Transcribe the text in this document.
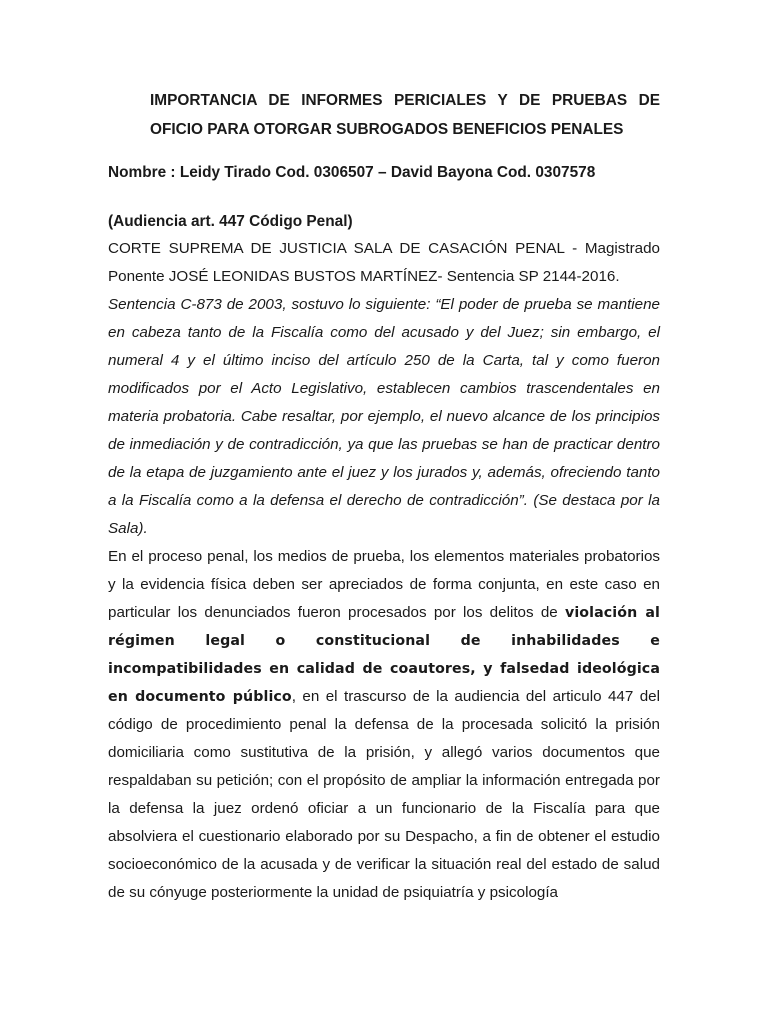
IMPORTANCIA DE INFORMES PERICIALES Y DE PRUEBAS DE
OFICIO PARA OTORGAR SUBROGADOS BENEFICIOS PENALES

Nombre : Leidy Tirado Cod. 0306507 – David Bayona Cod. 0307578

(Audiencia art. 447 Código Penal)

CORTE SUPREMA DE JUSTICIA SALA DE CASACIÓN PENAL - Magistrado Ponente JOSÉ LEONIDAS BUSTOS MARTÍNEZ- Sentencia SP 2144-2016.

Sentencia C-873 de 2003, sostuvo lo siguiente: “El poder de prueba se mantiene en cabeza tanto de la Fiscalía como del acusado y del Juez; sin embargo, el numeral 4 y el último inciso del artículo 250 de la Carta, tal y como fueron modificados por el Acto Legislativo, establecen cambios trascendentales en materia probatoria. Cabe resaltar, por ejemplo, el nuevo alcance de los principios de inmediación y de contradicción, ya que las pruebas se han de practicar dentro de la etapa de juzgamiento ante el juez y los jurados y, además, ofreciendo tanto a la Fiscalía como a la defensa el derecho de contradicción”. (Se destaca por la Sala).

En el proceso penal, los medios de prueba, los elementos materiales probatorios y la evidencia física deben ser apreciados de forma conjunta, en este caso en particular los denunciados fueron procesados por los delitos de violación al régimen legal o constitucional de inhabilidades e incompatibilidades en calidad de coautores, y falsedad ideológica en documento público, en el trascurso de la audiencia del articulo 447 del código de procedimiento penal la defensa de la procesada solicitó la prisión domiciliaria como sustitutiva de la prisión, y allegó varios documentos que respaldaban su petición; con el propósito de ampliar la información entregada por la defensa la juez ordenó oficiar a un funcionario de la Fiscalía para que absolviera el cuestionario elaborado por su Despacho, a fin de obtener el estudio socioeconómico de la acusada y de verificar la situación real del estado de salud de su cónyuge posteriormente la unidad de psiquiatría y psicología
